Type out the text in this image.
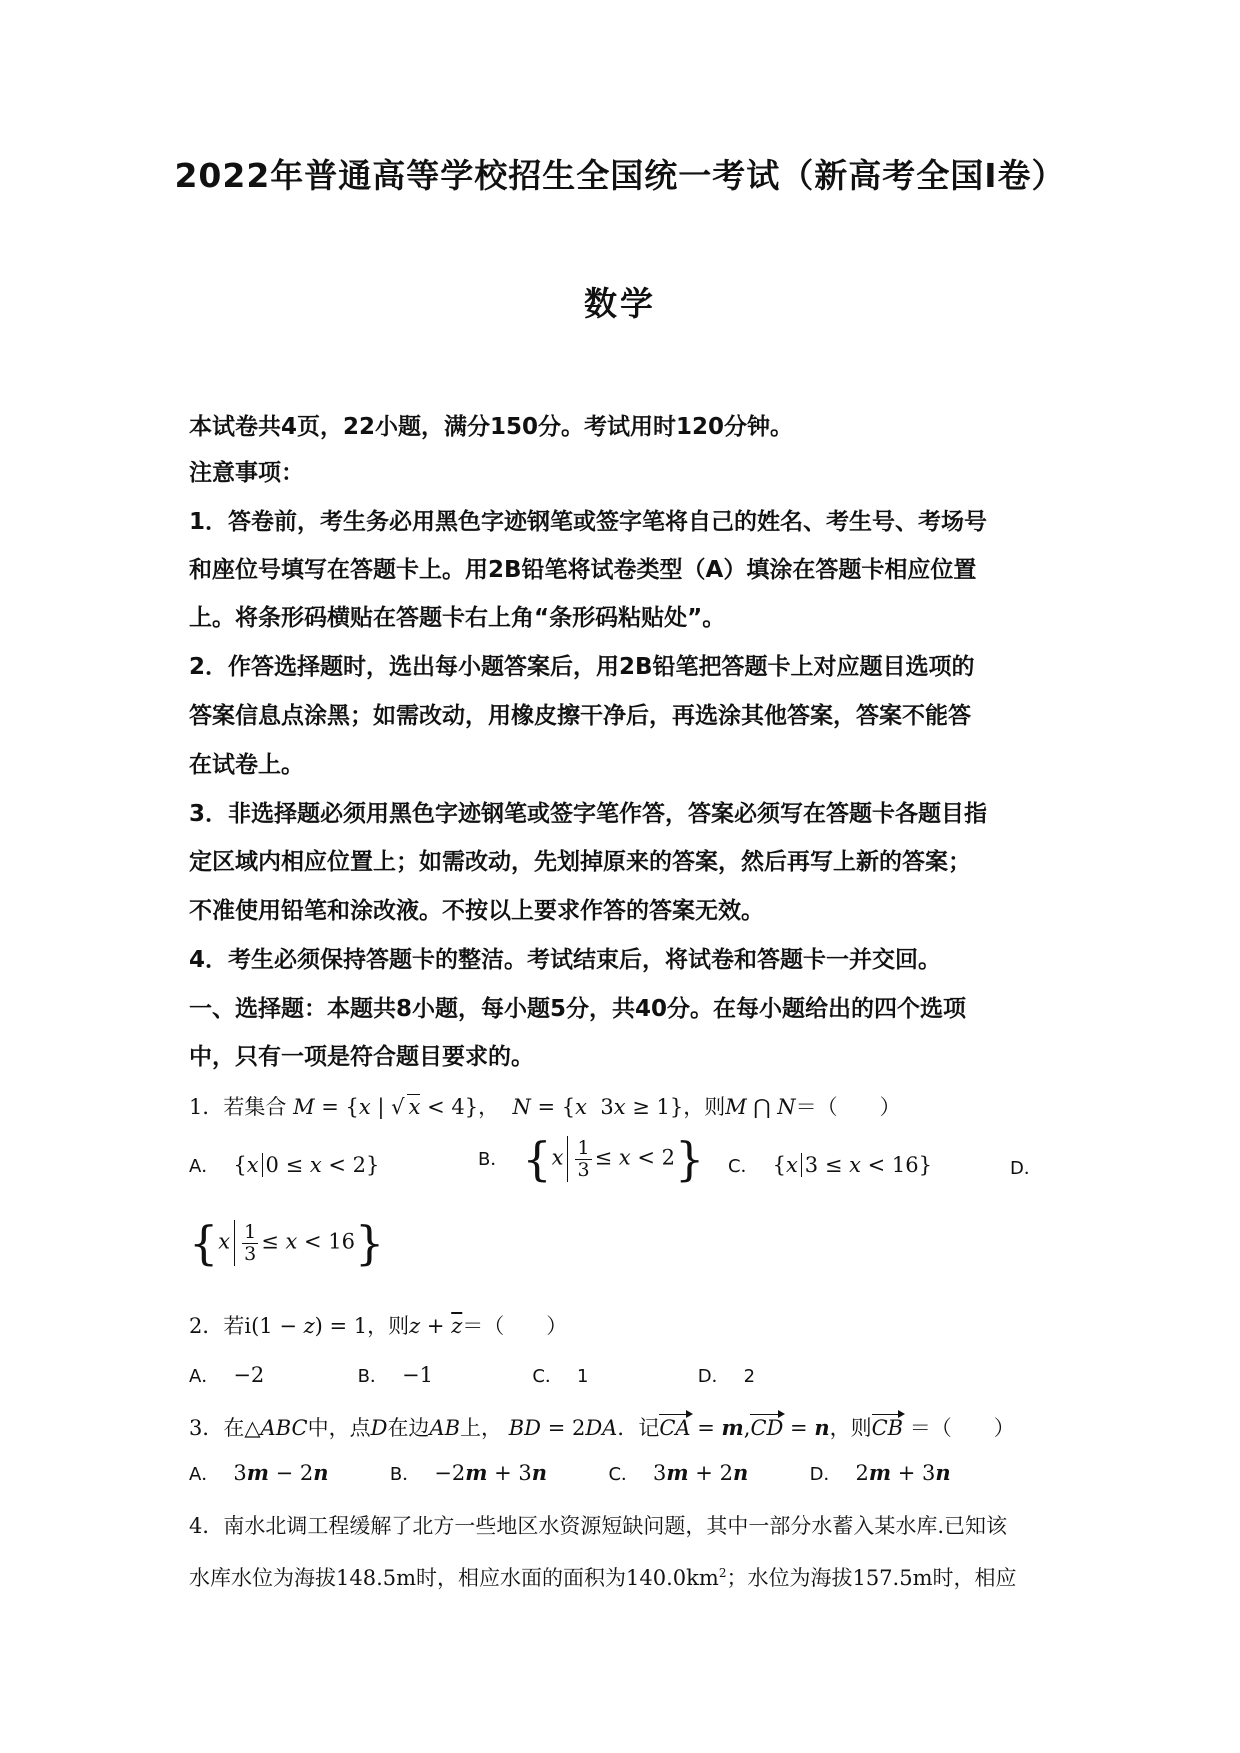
2022年普通高等学校招生全国统一考试（新高考全国Ⅰ卷）
数学
本试卷共4页，22小题，满分150分。考试用时120分钟。
注意事项：
1．答卷前，考生务必用黑色字迹钢笔或签字笔将自己的姓名、考生号、考场号
和座位号填写在答题卡上。用2B铅笔将试卷类型（A）填涂在答题卡相应位置
上。将条形码横贴在答题卡右上角“条形码粘贴处”。
2．作答选择题时，选出每小题答案后，用2B铅笔把答题卡上对应题目选项的
答案信息点涂黑；如需改动，用橡皮擦干净后，再选涂其他答案，答案不能答
在试卷上。
3．非选择题必须用黑色字迹钢笔或签字笔作答，答案必须写在答题卡各题目指
定区域内相应位置上；如需改动，先划掉原来的答案，然后再写上新的答案；
不准使用铅笔和涂改液。不按以上要求作答的答案无效。
4．考生必须保持答题卡的整洁。考试结束后，将试卷和答题卡一并交回。
一、选择题：本题共8小题，每小题5分，共40分。在每小题给出的四个选项
中，只有一项是符合题目要求的。
1．若集合 M = {x | √ x < 4}， N = {x  3x ≥ 1}，则M ⋂ N＝（　　）
A． {x 0 ≤ x < 2}	B． $\{x \frac{1}{3} \le x < 2\}$ C． {x 3 ≤ x < 16}	D．
$\{x \frac{1}{3} \le x < 16\}$
2．若i(1 − z) = 1，则$z + \overline{z}=$（　　）
A． −2	B． −1	C． 1	D． 2
3．在△ABC中，点D在边AB上， BD = 2DA．记CA = m,CD = n，则CB ＝（　　）
A． 3m − 2n	B． −2m + 3n	C． 3m + 2n	D． 2m + 3n
4．南水北调工程缓解了北方一些地区水资源短缺问题，其中一部分水蓄入某水库.已知该
水库水位为海拔148.5m时，相应水面的面积为$140.0km^2$；水位为海拔157.5m时，相应
